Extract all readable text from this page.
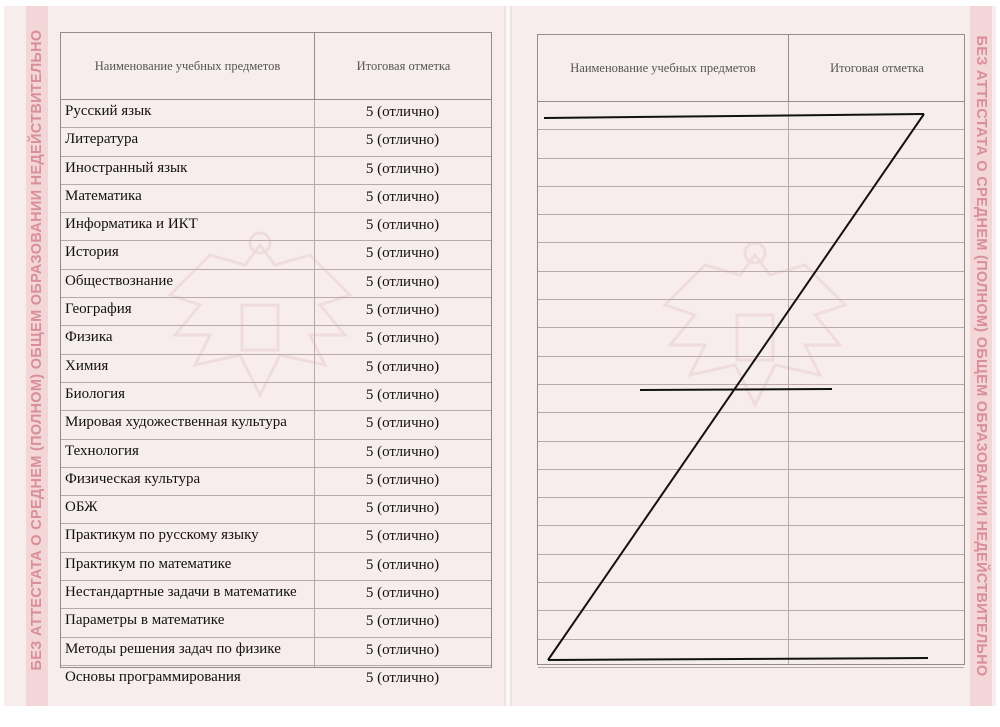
БЕЗ АТТЕСТАТА О СРЕДНЕМ (ПОЛНОМ) ОБЩЕМ ОБРАЗОВАНИИ НЕДЕЙСТВИТЕЛЬНО	БЕЗ АТТЕСТАТА О СРЕДНЕМ (ПОЛНОМ) ОБЩЕМ ОБРАЗОВАНИИ НЕДЕЙСТВИТЕЛЬНО
Наименование учебных предметов	Итоговая отметка
Русский язык	5 (отлично)
Литература	5 (отлично)
Иностранный язык	5 (отлично)
Математика	5 (отлично)
Информатика и ИКТ	5 (отлично)
История	5 (отлично)
Обществознание	5 (отлично)
География	5 (отлично)
Физика	5 (отлично)
Химия	5 (отлично)
Биология	5 (отлично)
Мировая художественная культура	5 (отлично)
Технология	5 (отлично)
Физическая культура	5 (отлично)
ОБЖ	5 (отлично)
Практикум по русскому языку	5 (отлично)
Практикум по математике	5 (отлично)
Нестандартные задачи в математике	5 (отлично)
Параметры в математике	5 (отлично)
Методы решения задач по физике	5 (отлично)
Основы программирования	5 (отлично)
Наименование учебных предметов	Итоговая отметка
